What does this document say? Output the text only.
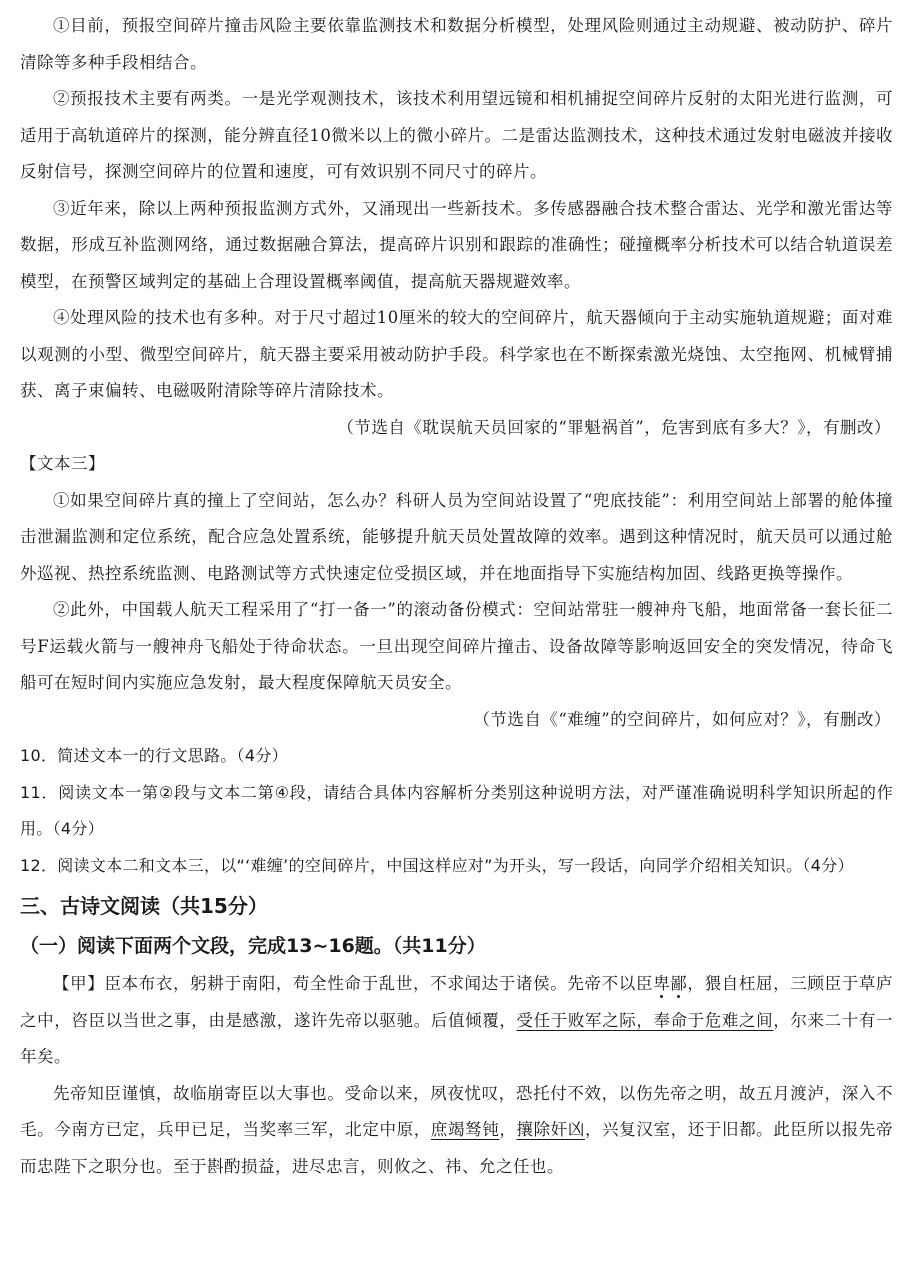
①目前，预报空间碎片撞击风险主要依靠监测技术和数据分析模型，处理风险则通过主动规避、被动防护、碎片清除等多种手段相结合。

②预报技术主要有两类。一是光学观测技术，该技术利用望远镜和相机捕捉空间碎片反射的太阳光进行监测，可适用于高轨道碎片的探测，能分辨直径10微米以上的微小碎片。二是雷达监测技术，这种技术通过发射电磁波并接收反射信号，探测空间碎片的位置和速度，可有效识别不同尺寸的碎片。

③近年来，除以上两种预报监测方式外，又涌现出一些新技术。多传感器融合技术整合雷达、光学和激光雷达等数据，形成互补监测网络，通过数据融合算法，提高碎片识别和跟踪的准确性；碰撞概率分析技术可以结合轨道误差模型，在预警区域判定的基础上合理设置概率阈值，提高航天器规避效率。

④处理风险的技术也有多种。对于尺寸超过10厘米的较大的空间碎片，航天器倾向于主动实施轨道规避；面对难以观测的小型、微型空间碎片，航天器主要采用被动防护手段。科学家也在不断探索激光烧蚀、太空拖网、机械臂捕获、离子束偏转、电磁吸附清除等碎片清除技术。

（节选自《耽误航天员回家的“罪魁祸首”，危害到底有多大？》，有删改）

【文本三】

①如果空间碎片真的撞上了空间站，怎么办？科研人员为空间站设置了“兜底技能”：利用空间站上部署的舱体撞击泄漏监测和定位系统，配合应急处置系统，能够提升航天员处置故障的效率。遇到这种情况时，航天员可以通过舱外巡视、热控系统监测、电路测试等方式快速定位受损区域，并在地面指导下实施结构加固、线路更换等操作。

②此外，中国载人航天工程采用了“打一备一”的滚动备份模式：空间站常驻一艘神舟飞船，地面常备一套长征二号F运载火箭与一艘神舟飞船处于待命状态。一旦出现空间碎片撞击、设备故障等影响返回安全的突发情况，待命飞船可在短时间内实施应急发射，最大程度保障航天员安全。

（节选自《“难缠”的空间碎片，如何应对？》，有删改）

10．简述文本一的行文思路。（4分）

11．阅读文本一第②段与文本二第④段，请结合具体内容解析分类别这种说明方法，对严谨准确说明科学知识所起的作用。（4分）

12．阅读文本二和文本三，以“‘难缠’的空间碎片，中国这样应对”为开头，写一段话，向同学介绍相关知识。（4分）

三、古诗文阅读（共15分）

（一）阅读下面两个文段，完成13~16题。（共11分）

【甲】臣本布衣，躬耕于南阳，苟全性命于乱世，不求闻达于诸侯。先帝不以臣卑鄙，猥自枉屈，三顾臣于草庐之中，咨臣以当世之事，由是感激，遂许先帝以驱驰。后值倾覆，受任于败军之际，奉命于危难之间，尔来二十有一年矣。

先帝知臣谨慎，故临崩寄臣以大事也。受命以来，夙夜忧叹，恐托付不效，以伤先帝之明，故五月渡泸，深入不毛。今南方已定，兵甲已足，当奖率三军，北定中原，庶竭驽钝，攘除奸凶，兴复汉室，还于旧都。此臣所以报先帝而忠陛下之职分也。至于斟酌损益，进尽忠言，则攸之、祎、允之任也。
